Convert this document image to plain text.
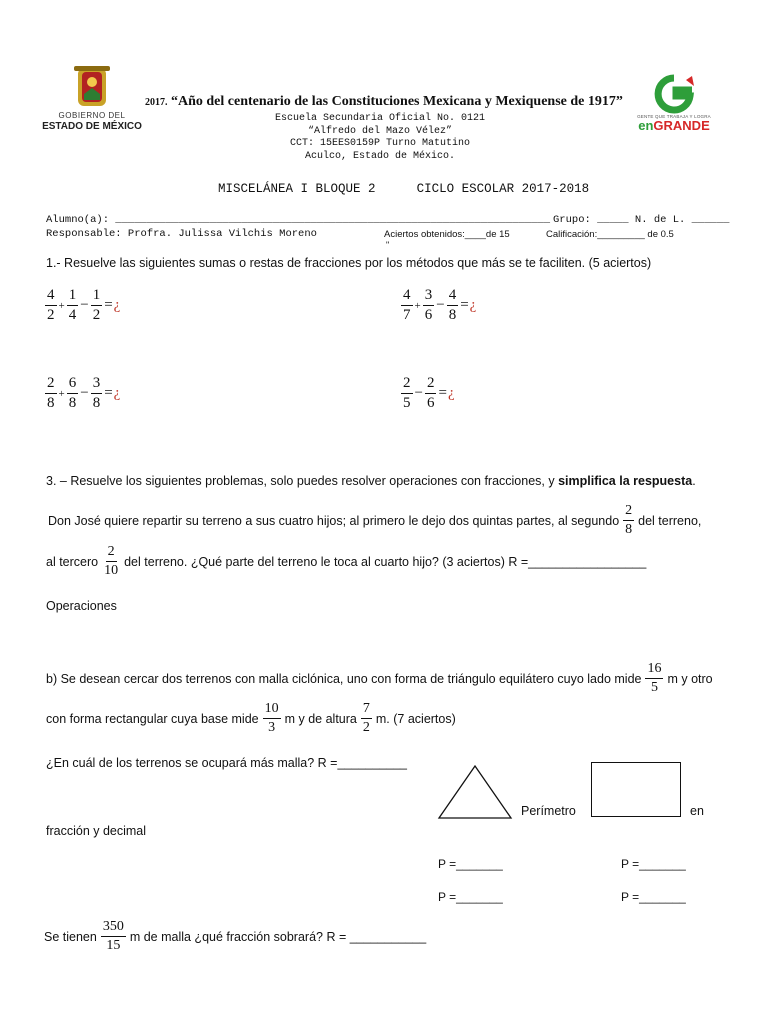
GOBIERNO DEL
ESTADO DE MÉXICO
2017. “Año del centenario de las Constituciones Mexicana y Mexiquense de 1917”
Escuela Secundaria Oficial No. 0121
“Alfredo del Mazo Vélez”
CCT: 15EES0159P Turno Matutino
Aculco, Estado de México.
GENTE QUE TRABAJA Y LOGRA
enGRANDE
MISCELÁNEA I BLOQUE 2	CICLO ESCOLAR 2017-2018
Alumno(a): _____________________________________________________________________ Grupo: _____ N. de L. ______
Responsable: Profra. Julissa Vilchis Moreno	Aciertos obtenidos:____de 15	Calificación:_________ de 0.5
"
1.- Resuelve las siguientes sumas o restas de fracciones por los métodos que más se te faciliten. (5 aciertos)
$\frac{4}{2} + \frac{1}{4} - \frac{1}{2}$ = ¿	$\frac{4}{7} + \frac{3}{6} - \frac{4}{8}$ = ¿
$\frac{2}{8} + \frac{6}{8} - \frac{3}{8}$ = ¿	$\frac{2}{5} - \frac{2}{6}$ = ¿
3. – Resuelve los siguientes problemas, solo puedes resolver operaciones con fracciones, y simplifica la respuesta.
Don José quiere repartir su terreno a sus cuatro hijos; al primero le dejo dos quintas partes, al segundo $\frac{2}{8}$ del terreno,
al tercero $\frac{2}{10}$ del terreno. ¿Qué parte del terreno le toca al cuarto hijo? (3 aciertos) R =_________________
Operaciones
b) Se desean cercar dos terrenos con malla ciclónica, uno con forma de triángulo equilátero cuyo lado mide $\frac{16}{5}$ m y otro
con forma rectangular cuya base mide $\frac{10}{3}$ m y de altura $\frac{7}{2} m$. (7 aciertos)
¿En cuál de los terrenos se ocupará más malla? R =__________
Perímetro	en
fracción y decimal
P =_______	P =_______
P =_______	P =_______
Se tienen $\frac{350}{15}$ m de malla ¿qué fracción sobrará? R = ___________
